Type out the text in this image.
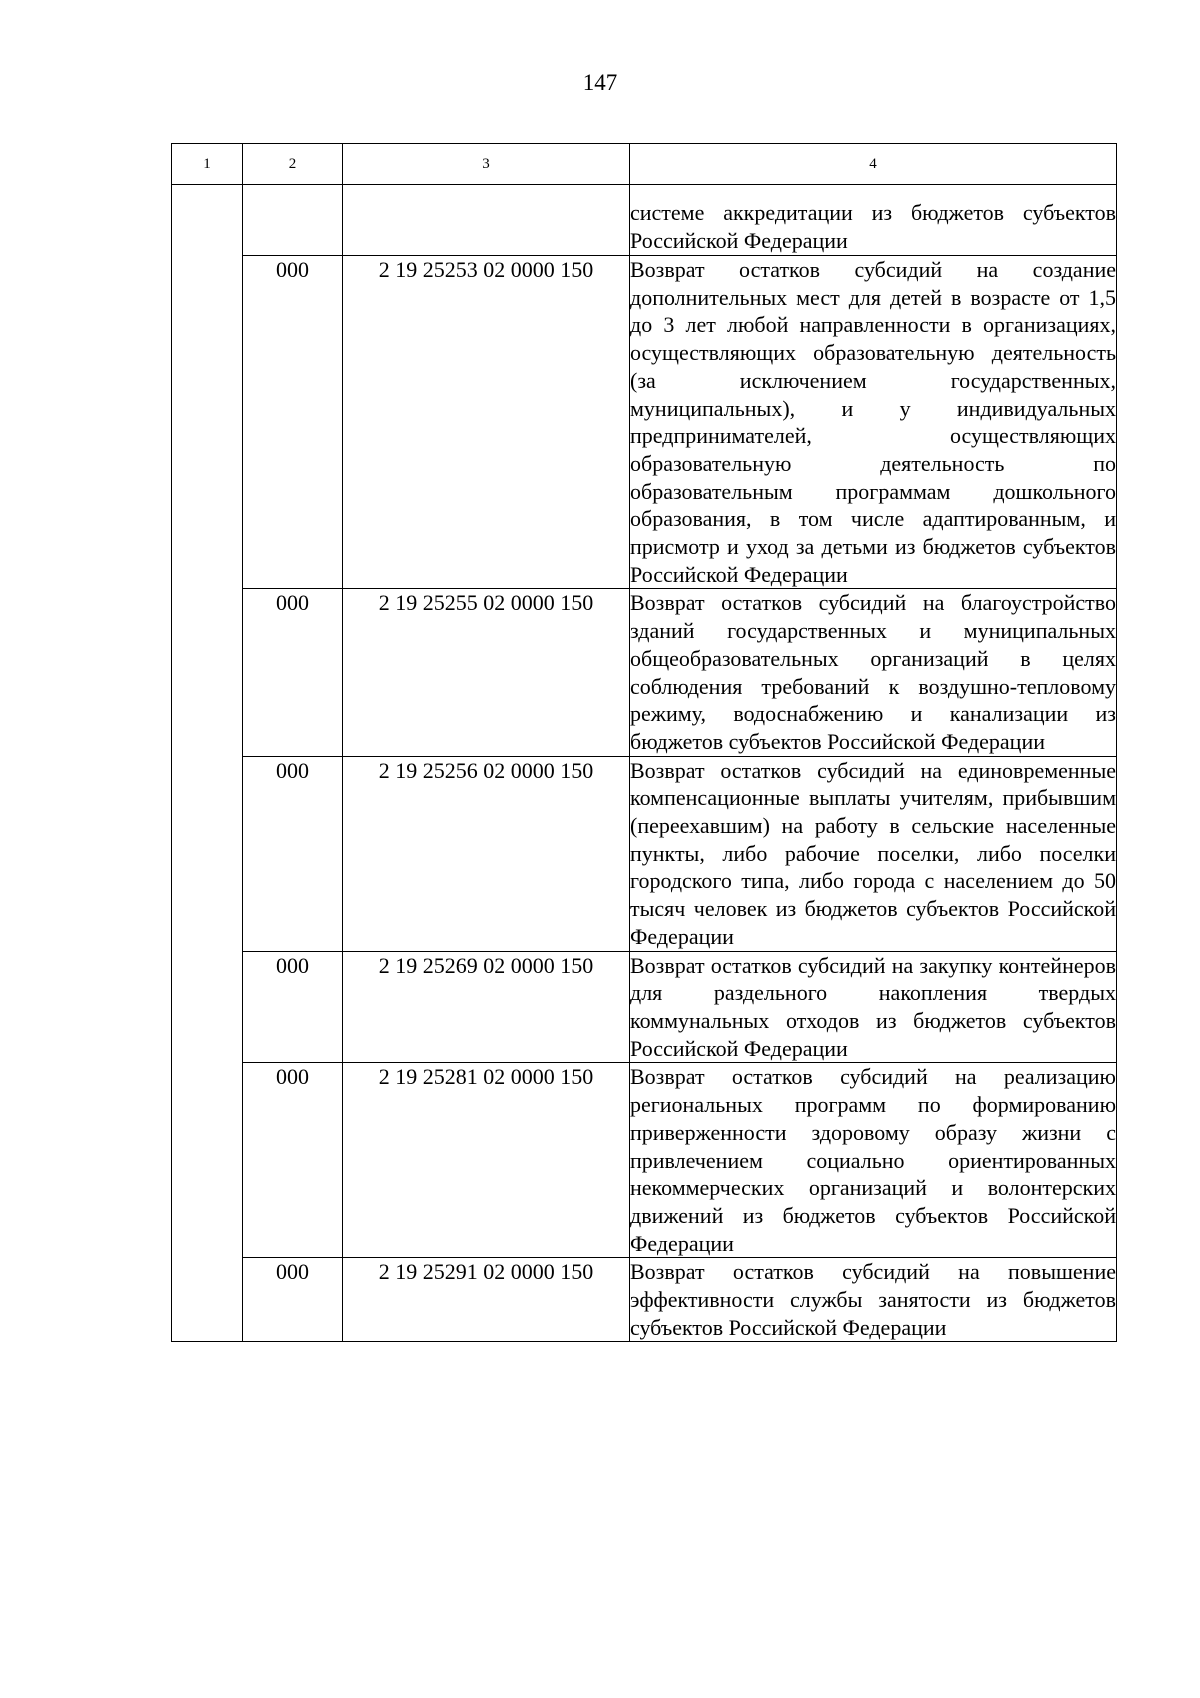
147
1	2	3	4
			системе аккредитации из бюджетов субъектов Российской Федерации
	000	2 19 25253 02 0000 150	Возврат остатков субсидий на создание дополнительных мест для детей в возрасте от 1,5 до 3 лет любой направленности в организациях, осуществляющих образовательную деятельность (за исключением государственных, муниципальных), и у индивидуальных предпринимателей, осуществляющих образовательную деятельность по образовательным программам дошкольного образования, в том числе адаптированным, и присмотр и уход за детьми из бюджетов субъектов Российской Федерации
	000	2 19 25255 02 0000 150	Возврат остатков субсидий на благоустройство зданий государственных и муниципальных общеобразовательных организаций в целях соблюдения требований к воздушно-тепловому режиму, водоснабжению и канализации из бюджетов субъектов Российской Федерации
	000	2 19 25256 02 0000 150	Возврат остатков субсидий на единовременные компенсационные выплаты учителям, прибывшим (переехавшим) на работу в сельские населенные пункты, либо рабочие поселки, либо поселки городского типа, либо города с населением до 50 тысяч человек из бюджетов субъектов Российской Федерации
	000	2 19 25269 02 0000 150	Возврат остатков субсидий на закупку контейнеров для раздельного накопления твердых коммунальных отходов из бюджетов субъектов Российской Федерации
	000	2 19 25281 02 0000 150	Возврат остатков субсидий на реализацию региональных программ по формированию приверженности здоровому образу жизни с привлечением социально ориентированных некоммерческих организаций и волонтерских движений из бюджетов субъектов Российской Федерации
	000	2 19 25291 02 0000 150	Возврат остатков субсидий на повышение эффективности службы занятости из бюджетов субъектов Российской Федерации
